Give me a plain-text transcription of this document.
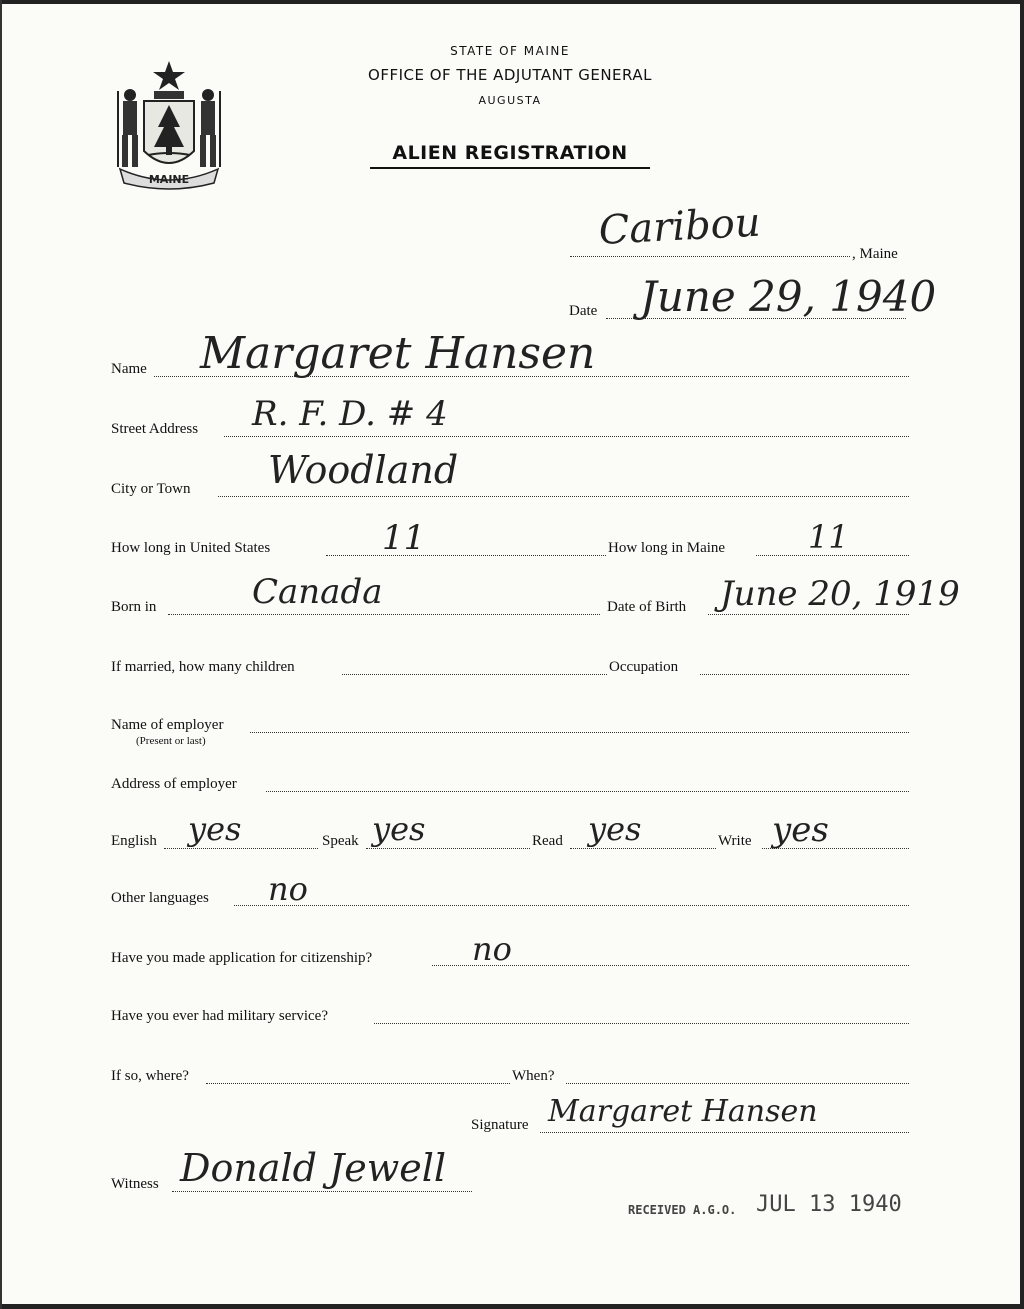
MAINE
STATE OF MAINE
OFFICE OF THE ADJUTANT GENERAL
AUGUSTA
ALIEN REGISTRATION
Caribou	, Maine
Date June 29, 1940
Name Margaret Hansen
Street Address R. F. D. # 4
City or Town Woodland
How long in United States	11	How long in Maine	11
Born in	Canada	Date of Birth June 20, 1919
If married, how many children	Occupation
Name of employer
(Present or last)
Address of employer
English yes	Speak yes	Read yes	Write yes
Other languages no
Have you made application for citizenship?	no
Have you ever had military service?
If so, where?	When?
Signature Margaret Hansen
Witness Donald Jewell
RECEIVED A.G.O. JUL 13 1940
